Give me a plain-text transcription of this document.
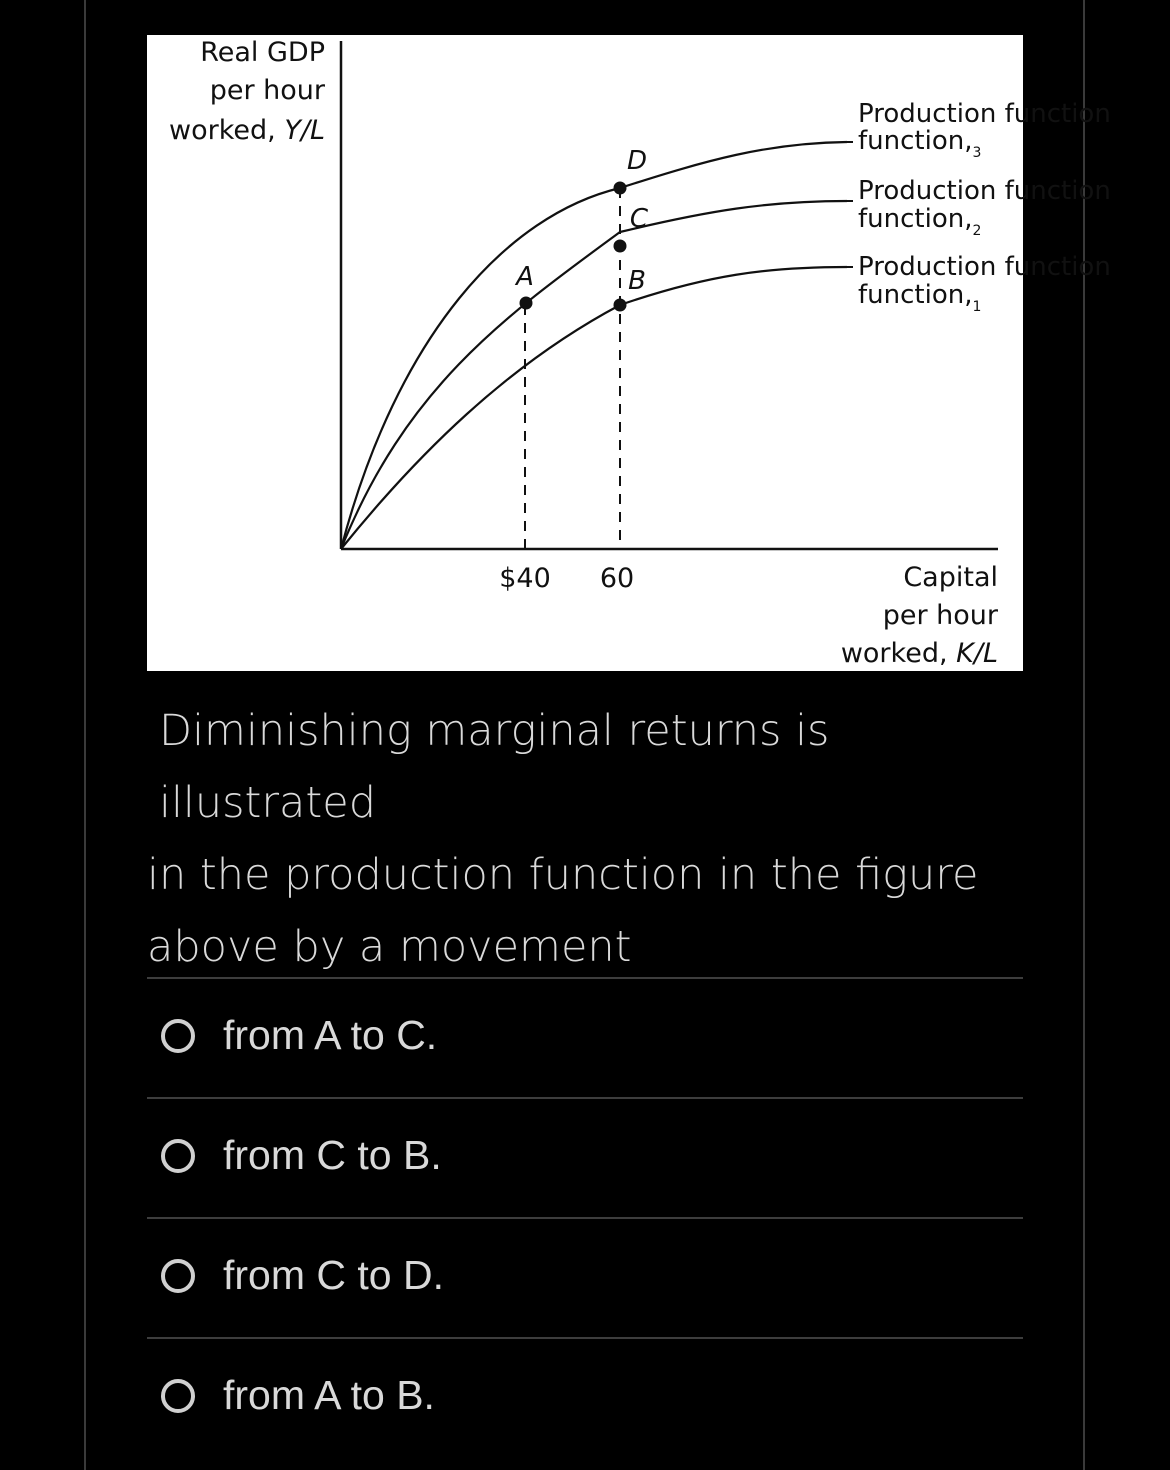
Real GDP
per hour
worked, Y/L
A	B
C
D
Production function
$function,_3$
Production function
$function,_2$
Production function
$function,_1$
$40 60	Capital
per hour
worked, K/L
Diminishing marginal returns is illustrated
in the production function in the figure
above by a movement
from A to C.
from C to B.
from C to D.
from A to B.
